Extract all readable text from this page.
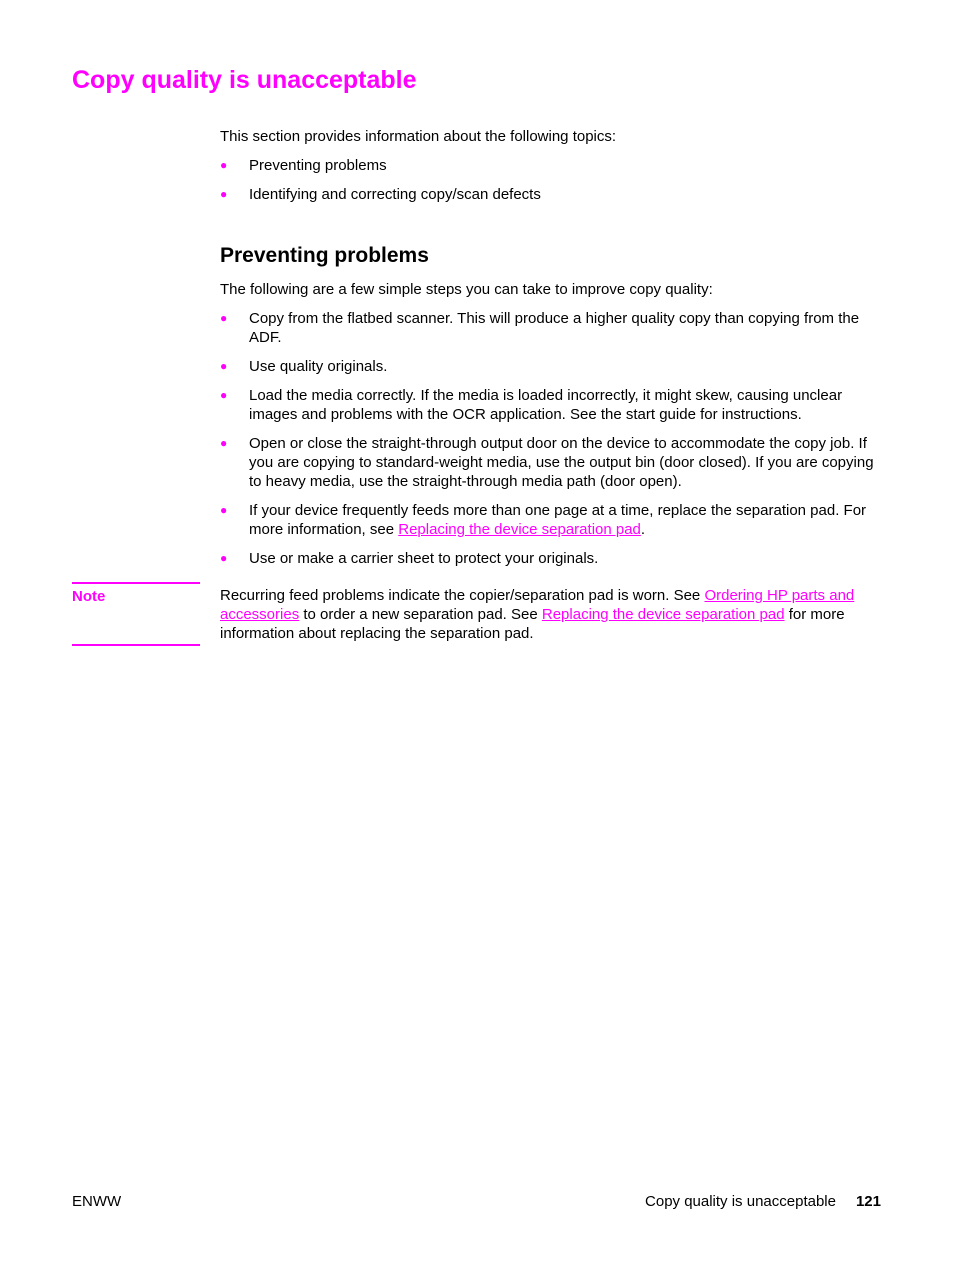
Copy quality is unacceptable

This section provides information about the following topics:

● Preventing problems
● Identifying and correcting copy/scan defects
Preventing problems

The following are a few simple steps you can take to improve copy quality:

● Copy from the flatbed scanner. This will produce a higher quality copy than copying from the ADF.
● Use quality originals.
● Load the media correctly. If the media is loaded incorrectly, it might skew, causing unclear images and problems with the OCR application. See the start guide for instructions.
● Open or close the straight-through output door on the device to accommodate the copy job. If you are copying to standard-weight media, use the output bin (door closed). If you are copying to heavy media, use the straight-through media path (door open).
● If your device frequently feeds more than one page at a time, replace the separation pad. For more information, see Replacing the device separation pad.
● Use or make a carrier sheet to protect your originals.

Recurring feed problems indicate the copier/separation pad is worn. See Ordering HP parts and accessories to order a new separation pad. See Replacing the device separation pad for more information about replacing the separation pad.

Note
ENWW	Copy quality is unacceptable 121
